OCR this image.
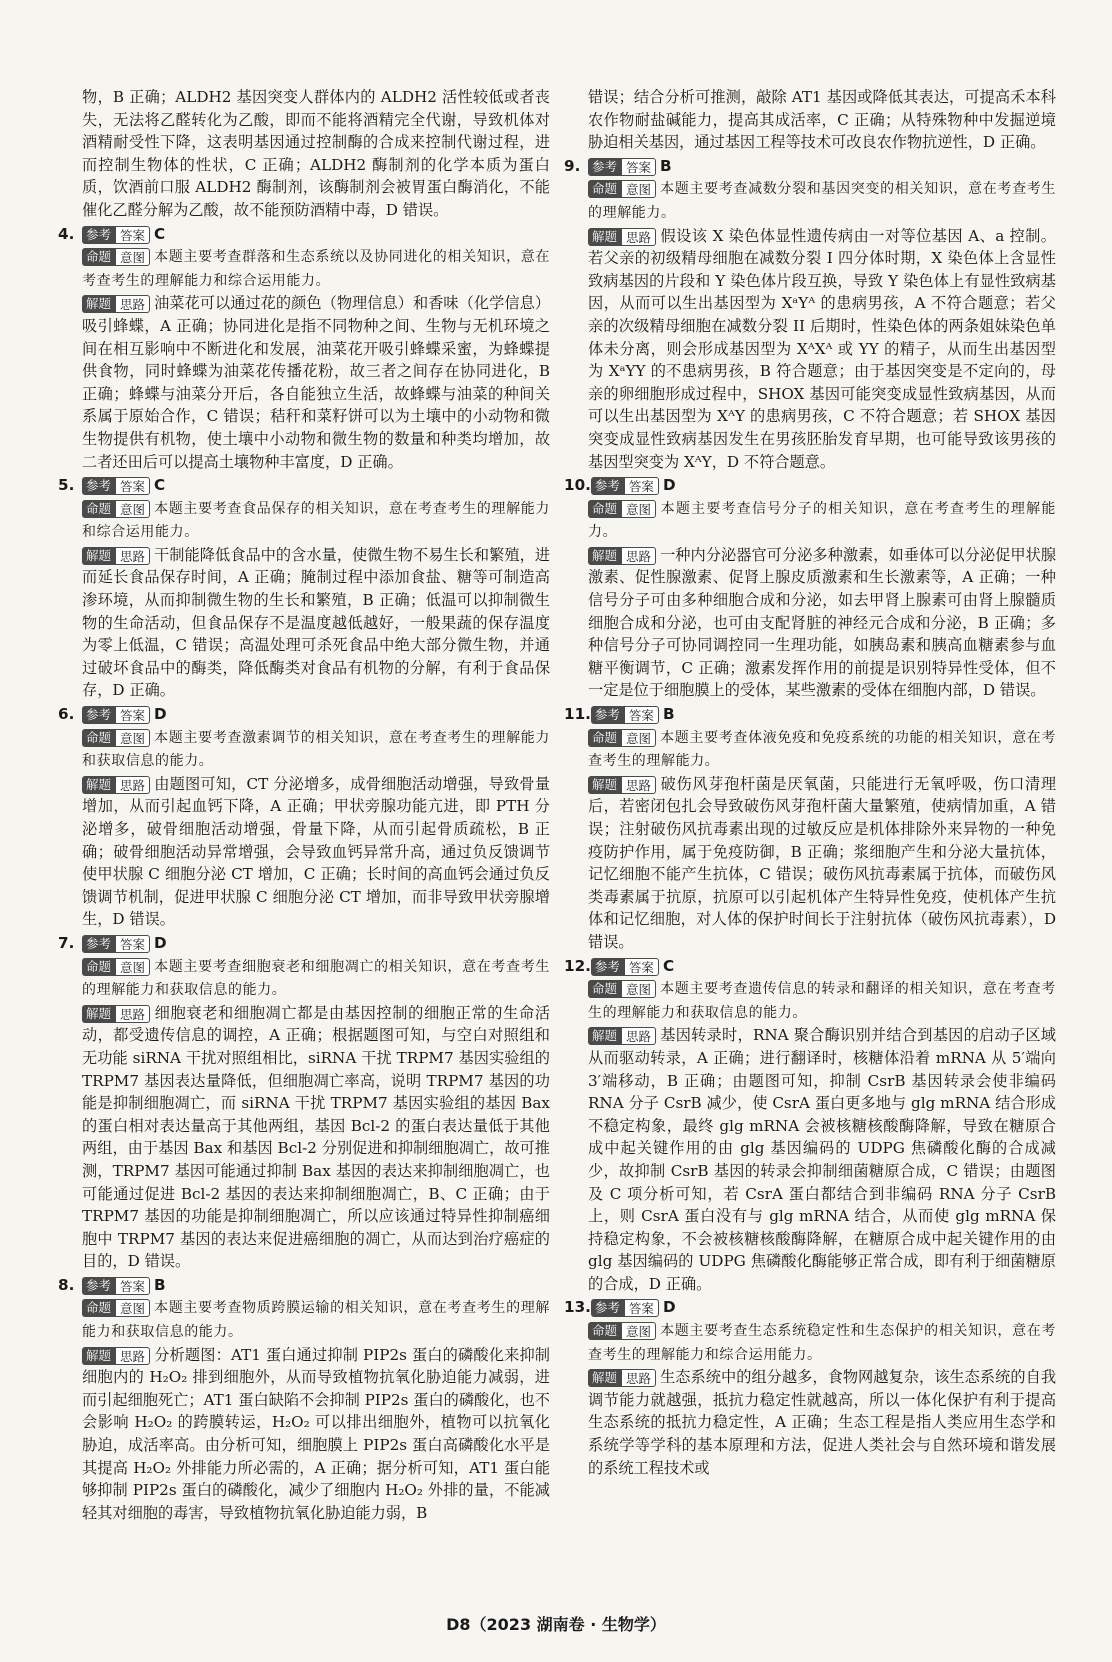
物，B 正确；ALDH2 基因突变人群体内的 ALDH2 活性较低或者丧失，无法将乙醛转化为乙酸，即而不能将酒精完全代谢，导致机体对酒精耐受性下降，这表明基因通过控制酶的合成来控制代谢过程，进而控制生物体的性状，C 正确；ALDH2 酶制剂的化学本质为蛋白质，饮酒前口服 ALDH2 酶制剂，该酶制剂会被胃蛋白酶消化，不能催化乙醛分解为乙酸，故不能预防酒精中毒，D 错误。

4. 参考 答案 C
命题 意图 本题主要考查群落和生态系统以及协同进化的相关知识，意在考查考生的理解能力和综合运用能力。
解题 思路 油菜花可以通过花的颜色（物理信息）和香味（化学信息）吸引蜂蝶，A 正确；协同进化是指不同物种之间、生物与无机环境之间在相互影响中不断进化和发展，油菜花开吸引蜂蝶采蜜，为蜂蝶提供食物，同时蜂蝶为油菜花传播花粉，故三者之间存在协同进化，B 正确；蜂蝶与油菜分开后，各自能独立生活，故蜂蝶与油菜的种间关系属于原始合作，C 错误；秸秆和菜籽饼可以为土壤中的小动物和微生物提供有机物，使土壤中小动物和微生物的数量和种类均增加，故二者还田后可以提高土壤物种丰富度，D 正确。
5. 参考 答案 C
命题 意图 本题主要考查食品保存的相关知识，意在考查考生的理解能力和综合运用能力。
解题 思路 干制能降低食品中的含水量，使微生物不易生长和繁殖，进而延长食品保存时间，A 正确；腌制过程中添加食盐、糖等可制造高渗环境，从而抑制微生物的生长和繁殖，B 正确；低温可以抑制微生物的生命活动，但食品保存不是温度越低越好，一般果蔬的保存温度为零上低温，C 错误；高温处理可杀死食品中绝大部分微生物，并通过破坏食品中的酶类，降低酶类对食品有机物的分解，有利于食品保存，D 正确。
6. 参考 答案 D
命题 意图 本题主要考查激素调节的相关知识，意在考查考生的理解能力和获取信息的能力。
解题 思路 由题图可知，CT 分泌增多，成骨细胞活动增强，导致骨量增加，从而引起血钙下降，A 正确；甲状旁腺功能亢进，即 PTH 分泌增多，破骨细胞活动增强，骨量下降，从而引起骨质疏松，B 正确；破骨细胞活动异常增强，会导致血钙异常升高，通过负反馈调节使甲状腺 C 细胞分泌 CT 增加，C 正确；长时间的高血钙会通过负反馈调节机制，促进甲状腺 C 细胞分泌 CT 增加，而非导致甲状旁腺增生，D 错误。
7. 参考 答案 D
命题 意图 本题主要考查细胞衰老和细胞凋亡的相关知识，意在考查考生的理解能力和获取信息的能力。
解题 思路 细胞衰老和细胞凋亡都是由基因控制的细胞正常的生命活动，都受遗传信息的调控，A 正确；根据题图可知，与空白对照组和无功能 siRNA 干扰对照组相比，siRNA 干扰 TRPM7 基因实验组的 TRPM7 基因表达量降低，但细胞凋亡率高，说明 TRPM7 基因的功能是抑制细胞凋亡，而 siRNA 干扰 TRPM7 基因实验组的基因 Bax 的蛋白相对表达量高于其他两组，基因 Bcl-2 的蛋白表达量低于其他两组，由于基因 Bax 和基因 Bcl-2 分别促进和抑制细胞凋亡，故可推测，TRPM7 基因可能通过抑制 Bax 基因的表达来抑制细胞凋亡，也可能通过促进 Bcl-2 基因的表达来抑制细胞凋亡，B、C 正确；由于 TRPM7 基因的功能是抑制细胞凋亡，所以应该通过特异性抑制癌细胞中 TRPM7 基因的表达来促进癌细胞的凋亡，从而达到治疗癌症的目的，D 错误。
8. 参考 答案 B
命题 意图 本题主要考查物质跨膜运输的相关知识，意在考查考生的理解能力和获取信息的能力。
解题 思路 分析题图：AT1 蛋白通过抑制 PIP2s 蛋白的磷酸化来抑制细胞内的 H₂O₂ 排到细胞外，从而导致植物抗氧化胁迫能力减弱，进而引起细胞死亡；AT1 蛋白缺陷不会抑制 PIP2s 蛋白的磷酸化，也不会影响 H₂O₂ 的跨膜转运，H₂O₂ 可以排出细胞外，植物可以抗氧化胁迫，成活率高。由分析可知，细胞膜上 PIP2s 蛋白高磷酸化水平是其提高 H₂O₂ 外排能力所必需的，A 正确；据分析可知，AT1 蛋白能够抑制 PIP2s 蛋白的磷酸化，减少了细胞内 H₂O₂ 外排的量，不能减轻其对细胞的毒害，导致植物抗氧化胁迫能力弱，B

错误；结合分析可推测，敲除 AT1 基因或降低其表达，可提高禾本科农作物耐盐碱能力，提高其成活率，C 正确；从特殊物种中发掘逆境胁迫相关基因，通过基因工程等技术可改良农作物抗逆性，D 正确。

9. 参考 答案 B
命题 意图 本题主要考查减数分裂和基因突变的相关知识，意在考查考生的理解能力。
解题 思路 假设该 X 染色体显性遗传病由一对等位基因 A、a 控制。若父亲的初级精母细胞在减数分裂 I 四分体时期，X 染色体上含显性致病基因的片段和 Y 染色体片段互换，导致 Y 染色体上有显性致病基因，从而可以生出基因型为 XᵃYᴬ 的患病男孩，A 不符合题意；若父亲的次级精母细胞在减数分裂 II 后期时，性染色体的两条姐妹染色单体未分离，则会形成基因型为 XᴬXᴬ 或 YY 的精子，从而生出基因型为 XᵃYY 的不患病男孩，B 符合题意；由于基因突变是不定向的，母亲的卵细胞形成过程中，SHOX 基因可能突变成显性致病基因，从而可以生出基因型为 XᴬY 的患病男孩，C 不符合题意；若 SHOX 基因突变成显性致病基因发生在男孩胚胎发育早期，也可能导致该男孩的基因型突变为 XᴬY，D 不符合题意。
10. 参考 答案 D
命题 意图 本题主要考查信号分子的相关知识，意在考查考生的理解能力。
解题 思路 一种内分泌器官可分泌多种激素，如垂体可以分泌促甲状腺激素、促性腺激素、促肾上腺皮质激素和生长激素等，A 正确；一种信号分子可由多种细胞合成和分泌，如去甲肾上腺素可由肾上腺髓质细胞合成和分泌，也可由支配肾脏的神经元合成和分泌，B 正确；多种信号分子可协同调控同一生理功能，如胰岛素和胰高血糖素参与血糖平衡调节，C 正确；激素发挥作用的前提是识别特异性受体，但不一定是位于细胞膜上的受体，某些激素的受体在细胞内部，D 错误。
11. 参考 答案 B
命题 意图 本题主要考查体液免疫和免疫系统的功能的相关知识，意在考查考生的理解能力。
解题 思路 破伤风芽孢杆菌是厌氧菌，只能进行无氧呼吸，伤口清理后，若密闭包扎会导致破伤风芽孢杆菌大量繁殖，使病情加重，A 错误；注射破伤风抗毒素出现的过敏反应是机体排除外来异物的一种免疫防护作用，属于免疫防御，B 正确；浆细胞产生和分泌大量抗体，记忆细胞不能产生抗体，C 错误；破伤风抗毒素属于抗体，而破伤风类毒素属于抗原，抗原可以引起机体产生特异性免疫，使机体产生抗体和记忆细胞，对人体的保护时间长于注射抗体（破伤风抗毒素），D 错误。
12. 参考 答案 C
命题 意图 本题主要考查遗传信息的转录和翻译的相关知识，意在考查考生的理解能力和获取信息的能力。
解题 思路 基因转录时，RNA 聚合酶识别并结合到基因的启动子区域从而驱动转录，A 正确；进行翻译时，核糖体沿着 mRNA 从 5′端向 3′端移动，B 正确；由题图可知，抑制 CsrB 基因转录会使非编码 RNA 分子 CsrB 减少，使 CsrA 蛋白更多地与 glg mRNA 结合形成不稳定构象，最终 glg mRNA 会被核糖核酸酶降解，导致在糖原合成中起关键作用的由 glg 基因编码的 UDPG 焦磷酸化酶的合成减少，故抑制 CsrB 基因的转录会抑制细菌糖原合成，C 错误；由题图及 C 项分析可知，若 CsrA 蛋白都结合到非编码 RNA 分子 CsrB 上，则 CsrA 蛋白没有与 glg mRNA 结合，从而使 glg mRNA 保持稳定构象，不会被核糖核酸酶降解，在糖原合成中起关键作用的由 glg 基因编码的 UDPG 焦磷酸化酶能够正常合成，即有利于细菌糖原的合成，D 正确。
13. 参考 答案 D
命题 意图 本题主要考查生态系统稳定性和生态保护的相关知识，意在考查考生的理解能力和综合运用能力。
解题 思路 生态系统中的组分越多，食物网越复杂，该生态系统的自我调节能力就越强，抵抗力稳定性就越高，所以一体化保护有利于提高生态系统的抵抗力稳定性，A 正确；生态工程是指人类应用生态学和系统学等学科的基本原理和方法，促进人类社会与自然环境和谐发展的系统工程技术或
D8（2023 湖南卷 · 生物学）
